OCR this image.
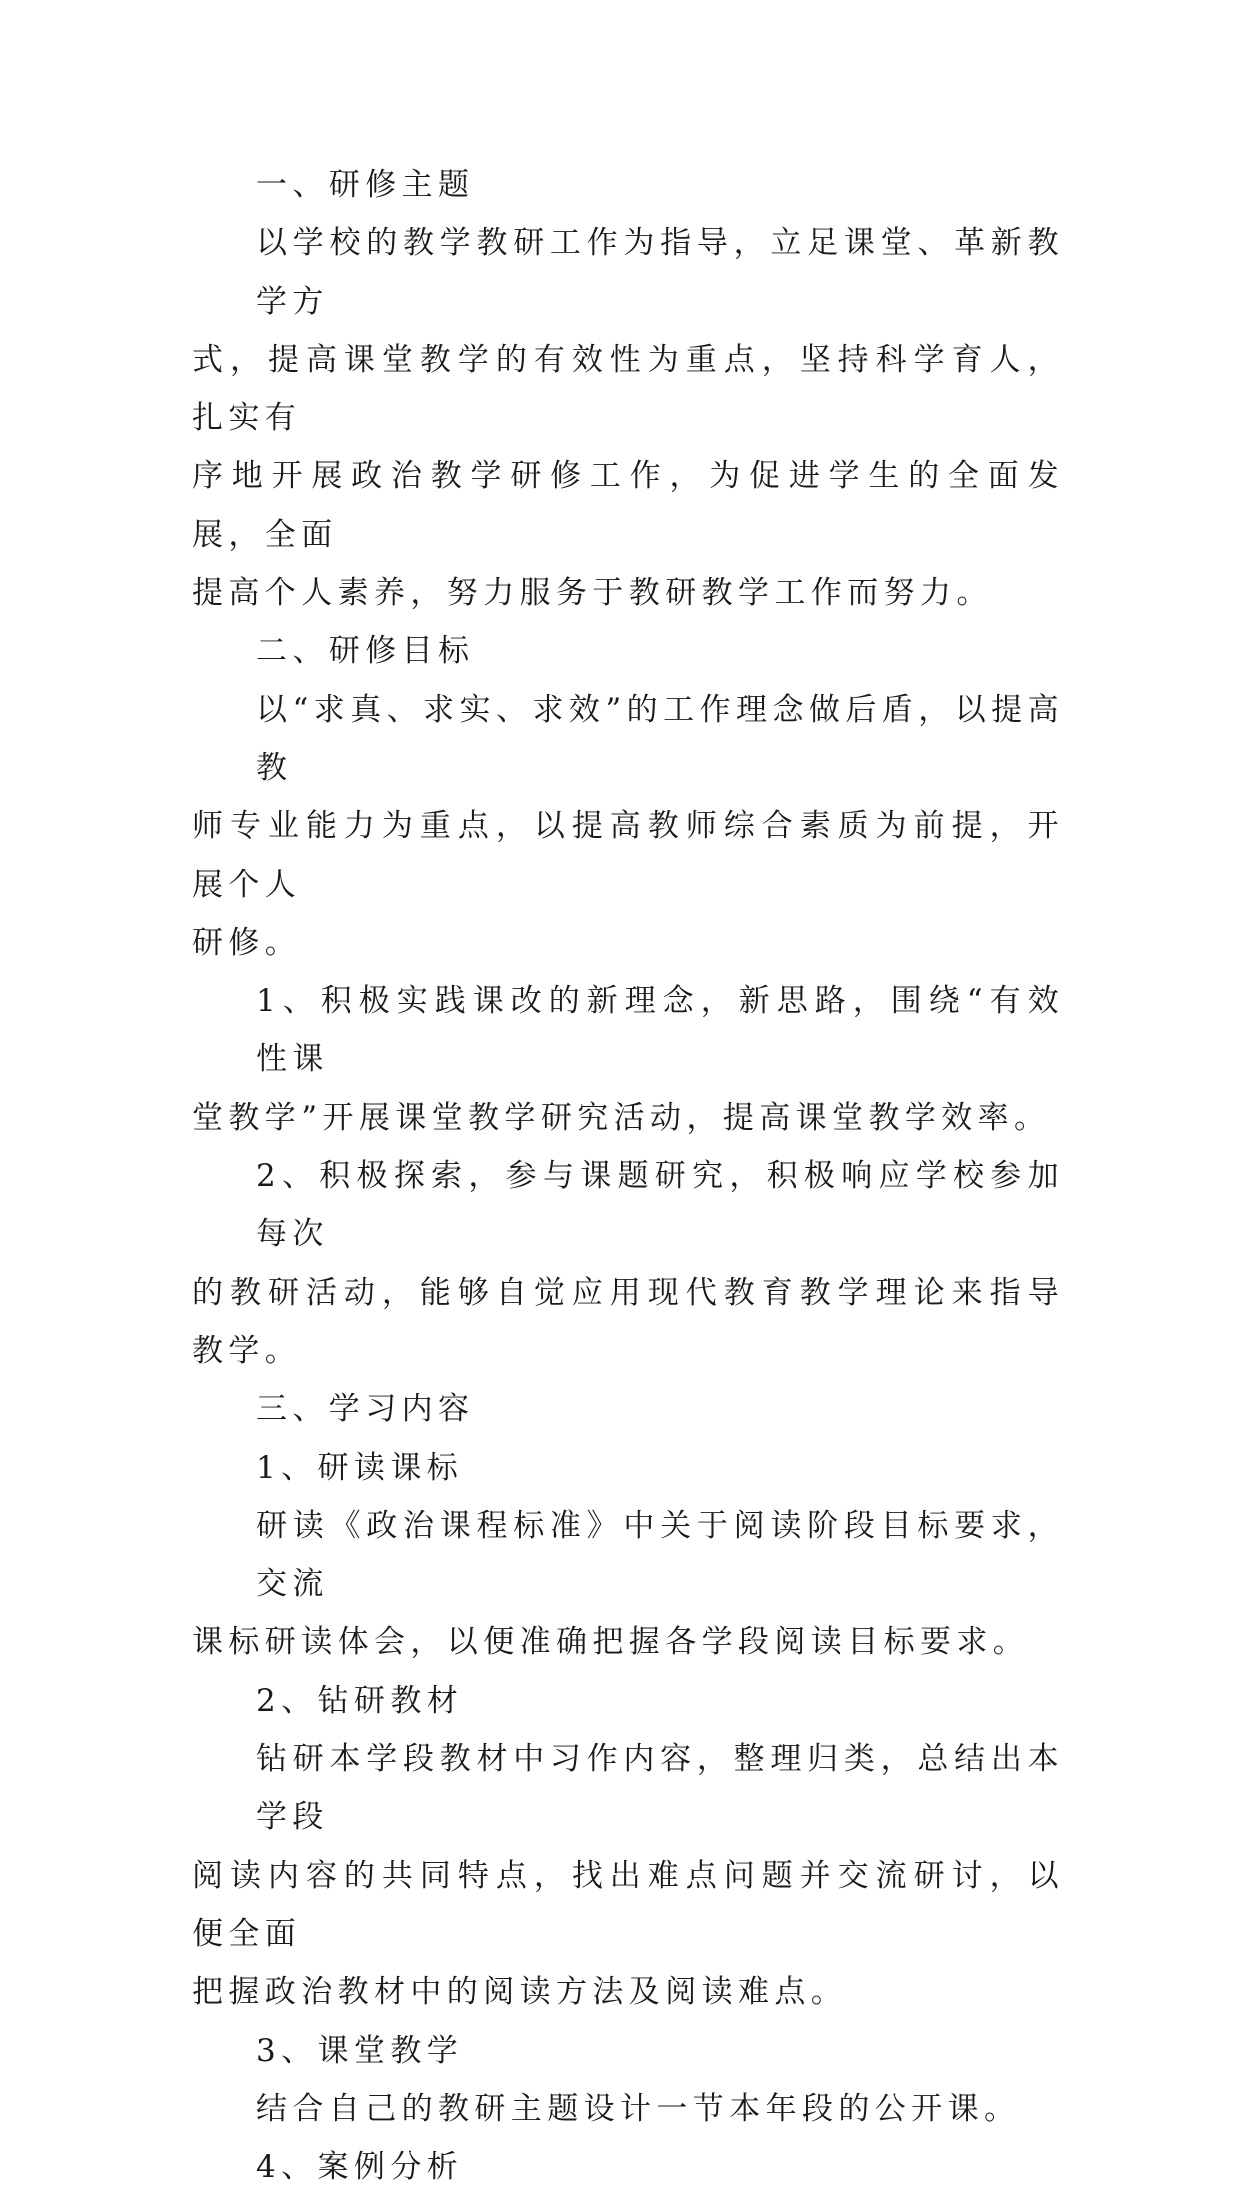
一、研修主题

以学校的教学教研工作为指导，立足课堂、革新教学方
式，提高课堂教学的有效性为重点，坚持科学育人，扎实有
序地开展政治教学研修工作，为促进学生的全面发展，全面
提高个人素养，努力服务于教研教学工作而努力。

二、研修目标

以“求真、求实、求效”的工作理念做后盾，以提高教
师专业能力为重点，以提高教师综合素质为前提，开展个人
研修。

1、积极实践课改的新理念，新思路，围绕“有效性课
堂教学”开展课堂教学研究活动，提高课堂教学效率。

2、积极探索，参与课题研究，积极响应学校参加每次
的教研活动，能够自觉应用现代教育教学理论来指导教学。

三、学习内容

1、研读课标

研读《政治课程标准》中关于阅读阶段目标要求，交流
课标研读体会，以便准确把握各学段阅读目标要求。

2、钻研教材

钻研本学段教材中习作内容，整理归类，总结出本学段
阅读内容的共同特点，找出难点问题并交流研讨，以便全面
把握政治教材中的阅读方法及阅读难点。

3、课堂教学

结合自己的教研主题设计一节本年段的公开课。

4、案例分析
